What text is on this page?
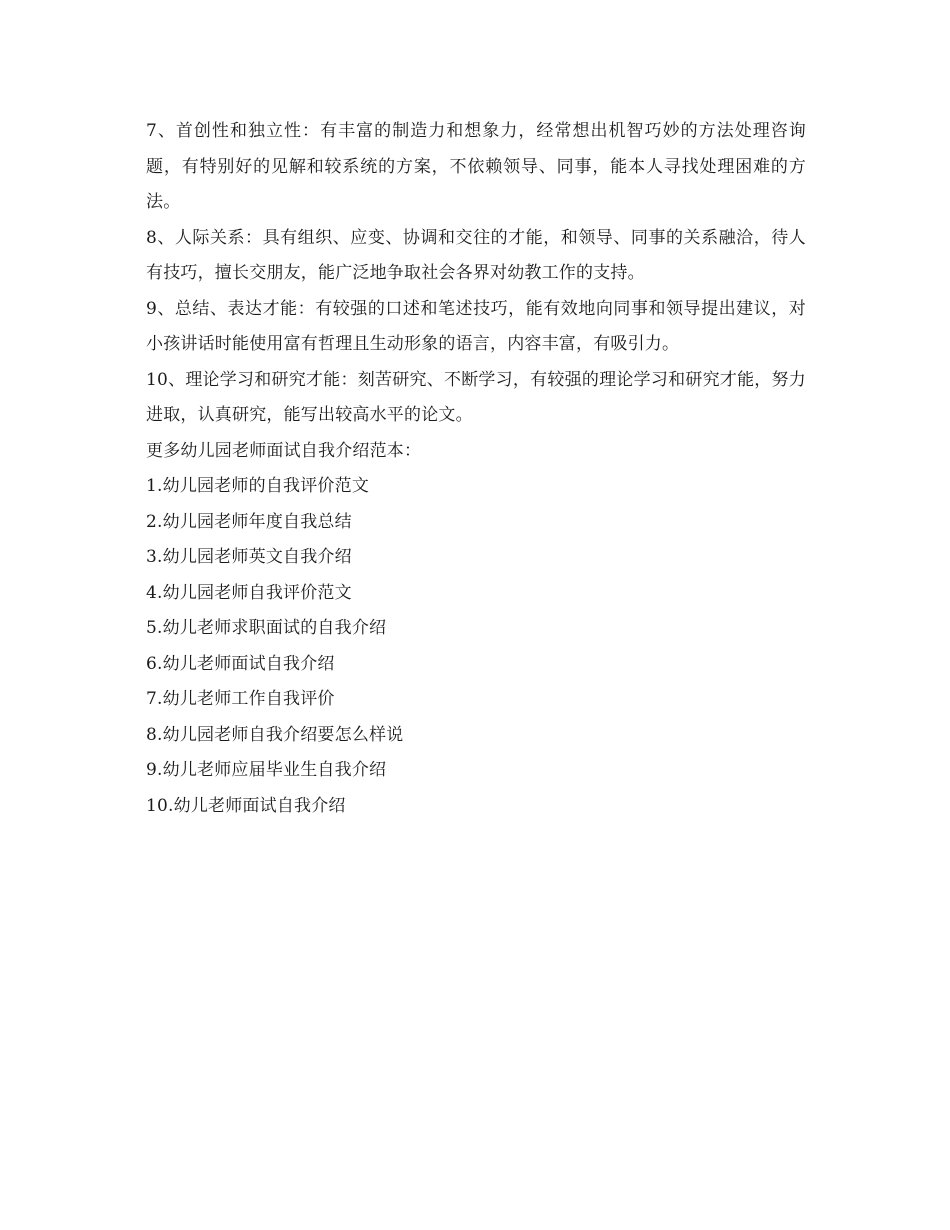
7、首创性和独立性：有丰富的制造力和想象力，经常想出机智巧妙的方法处理咨询题，有特别好的见解和较系统的方案，不依赖领导、同事，能本人寻找处理困难的方法。

8、人际关系：具有组织、应变、协调和交往的才能，和领导、同事的关系融洽，待人有技巧，擅长交朋友，能广泛地争取社会各界对幼教工作的支持。

9、总结、表达才能：有较强的口述和笔述技巧，能有效地向同事和领导提出建议，对小孩讲话时能使用富有哲理且生动形象的语言，内容丰富，有吸引力。

10、理论学习和研究才能：刻苦研究、不断学习，有较强的理论学习和研究才能，努力进取，认真研究，能写出较高水平的论文。

更多幼儿园老师面试自我介绍范本：

1.幼儿园老师的自我评价范文
2.幼儿园老师年度自我总结
3.幼儿园老师英文自我介绍
4.幼儿园老师自我评价范文
5.幼儿老师求职面试的自我介绍
6.幼儿老师面试自我介绍
7.幼儿老师工作自我评价
8.幼儿园老师自我介绍要怎么样说
9.幼儿老师应届毕业生自我介绍
10.幼儿老师面试自我介绍
